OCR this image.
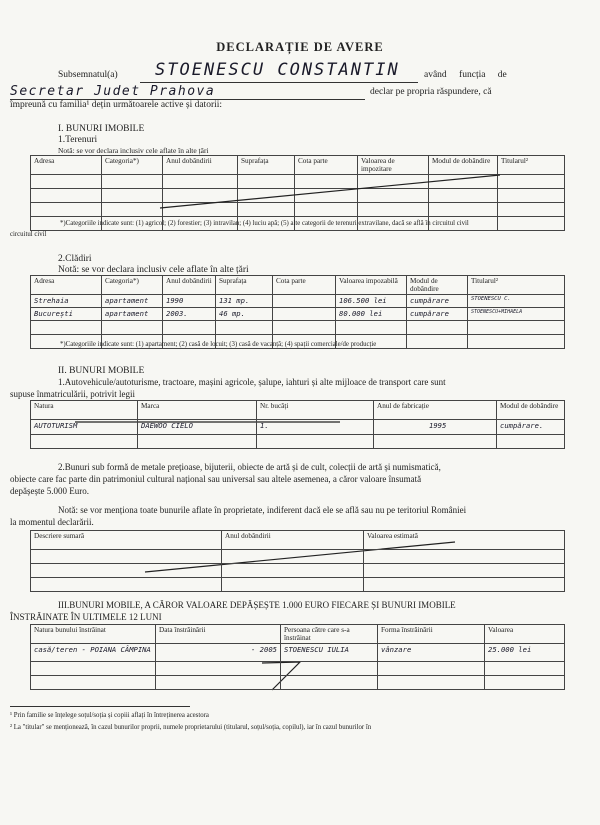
DECLARAȚIE DE AVERE
Subsemnatul(a) STOENESCU CONSTANTIN	având funcția de
Secretar Judet Prahova	declar pe propria răspundere, că
împreună cu familia¹ dețin următoarele active și datorii:
I. BUNURI IMOBILE
1.Terenuri
Notă: se vor declara inclusiv cele aflate în alte țări
Adresa	Categoria*)	Anul dobândirii	Suprafața	Cota parte	Valoarea de impozitare	Modul de dobândire	Titularul²

*)Categoriile indicate sunt: (1) agricol; (2) forestier; (3) intravilan; (4) luciu apă; (5) alte categorii de terenuri extravilane, dacă se află în circuitul civil
circuitul civil
2.Clădiri
Notă: se vor declara inclusiv cele aflate în alte țări
Adresa	Categoria*)	Anul dobândirii	Suprafața	Cota parte	Valoarea impozabilă	Modul de dobândire	Titularul²
Strehaia	apartament	1990	131 mp.		106.500 lei	cumpărare	STOENESCU C.
București	apartament	2003.	46 mp.		80.000 lei	cumpărare	STOENESCU+MIHAELA

*)Categoriile indicate sunt: (1) apartament; (2) casă de locuit; (3) casă de vacanță; (4) spații comerciale/de producție
II. BUNURI MOBILE
1.Autovehicule/autoturisme, tractoare, mașini agricole, șalupe, iahturi și alte mijloace de transport care sunt
supuse înmatriculării, potrivit legii
Natura	Marca	Nr. bucăți	Anul de fabricație	Modul de dobândire
AUTOTURISM	DAEWOO CIELO	1.	1995	cumpărare.

2.Bunuri sub formă de metale prețioase, bijuterii, obiecte de artă și de cult, colecții de artă și numismatică,
obiecte care fac parte din patrimoniul cultural național sau universal sau altele asemenea, a căror valoare însumată
depășește 5.000 Euro.
Notă: se vor menționa toate bunurile aflate în proprietate, indiferent dacă ele se află sau nu pe teritoriul României
la momentul declarării.
Descriere sumară	Anul dobândirii	Valoarea estimată

III.BUNURI MOBILE, A CĂROR VALOARE DEPĂȘEȘTE 1.000 EURO FIECARE ȘI BUNURI IMOBILE
ÎNSTRĂINATE ÎN ULTIMELE 12 LUNI
Natura bunului înstrăinat	Data înstrăinării	Persoana către care s-a înstrăinat	Forma înstrăinării	Valoarea
casă/teren - POIANA CÂMPINA	- 2005	STOENESCU IULIA	vânzare	25.000 lei

¹ Prin familie se înțelege soțul/soția și copiii aflați în întreținerea acestora
² La "titular" se menționează, în cazul bunurilor proprii, numele proprietarului (titularul, soțul/soția, copilul), iar în cazul bunurilor în
